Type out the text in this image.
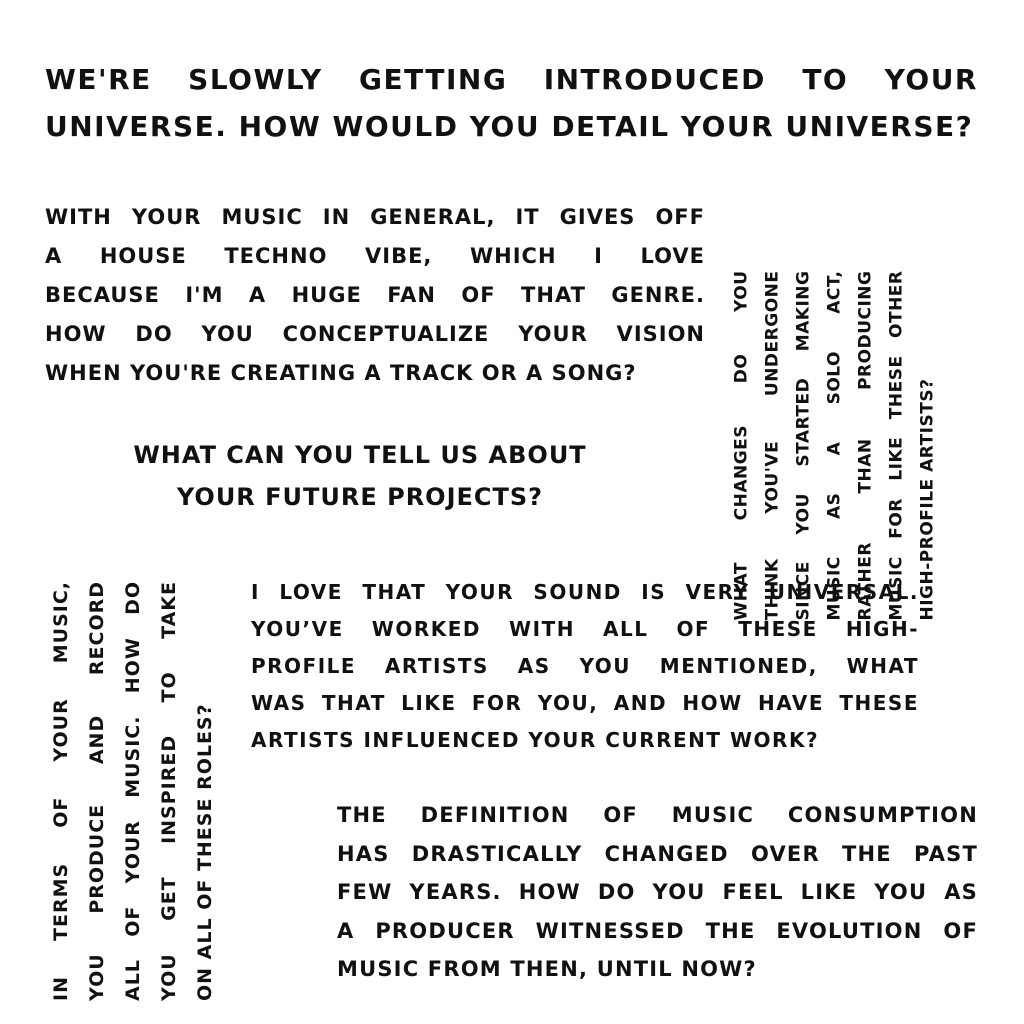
WE'RE SLOWLY GETTING INTRODUCED TO YOUR
UNIVERSE. HOW WOULD YOU DETAIL YOUR UNIVERSE?
WITH YOUR MUSIC IN GENERAL, IT GIVES OFF
A HOUSE TECHNO VIBE, WHICH I LOVE
BECAUSE I'M A HUGE FAN OF THAT GENRE.
HOW DO YOU CONCEPTUALIZE YOUR VISION
WHEN YOU'RE CREATING A TRACK OR A SONG?
WHAT CAN YOU TELL US ABOUT
YOUR FUTURE PROJECTS?	WHAT CHANGES DO YOU THINK YOU'VE UNDERGONE SINCE YOU STARTED MAKING MUSIC AS A SOLO ACT, RATHER THAN PRODUCING MUSIC FOR LIKE THESE OTHER HIGH-PROFILE ARTISTS?
I LOVE THAT YOUR SOUND IS VERY UNIVERSAL.
YOU’VE WORKED WITH ALL OF THESE HIGH-
PROFILE ARTISTS AS YOU MENTIONED, WHAT
WAS THAT LIKE FOR YOU, AND HOW HAVE THESE
ARTISTS INFLUENCED YOUR CURRENT WORK?
THE DEFINITION OF MUSIC CONSUMPTION
HAS DRASTICALLY CHANGED OVER THE PAST
FEW YEARS. HOW DO YOU FEEL LIKE YOU AS
A PRODUCER WITNESSED THE EVOLUTION OF
MUSIC FROM THEN, UNTIL NOW?
IN TERMS OF YOUR MUSIC, YOU PRODUCE AND RECORD ALL OF YOUR MUSIC. HOW DO YOU GET INSPIRED TO TAKE ON ALL OF THESE ROLES?
